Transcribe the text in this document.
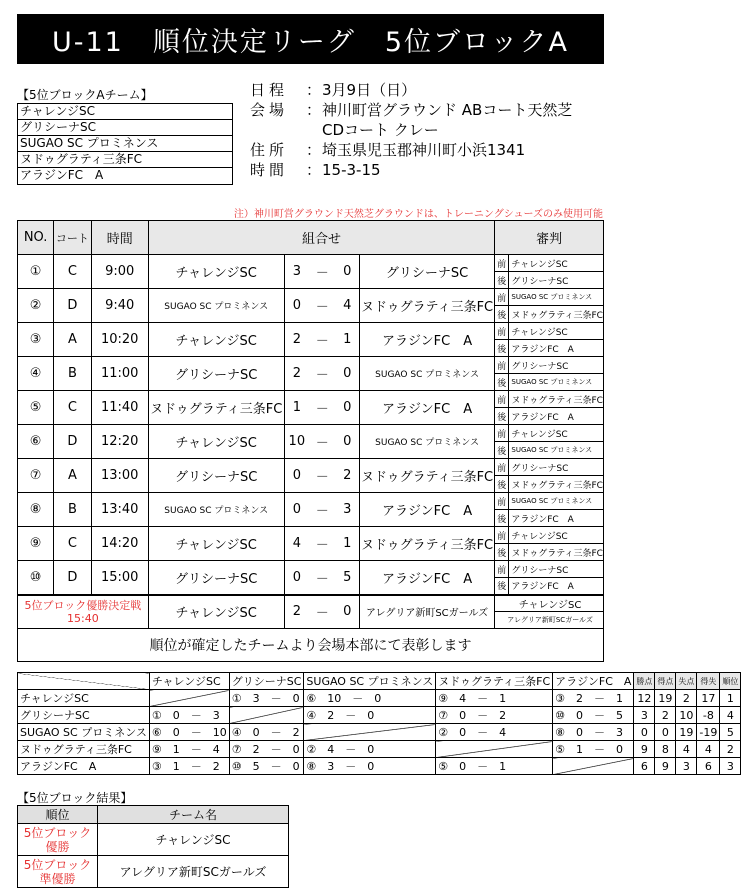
U-11　順位決定リーグ　5位ブロックA
【5位ブロックAチーム】
チャレンジSC
グリシーナSC
SUGAO SC プロミネンス
ヌドゥグラティ三条FC
アラジンFC　A
日程	： 3月9日（日）
会場	： 神川町営グラウンド ABコート天然芝
CDコート クレー
住所	： 埼玉県児玉郡神川町小浜1341
時間	： 15-3-15
注）神川町営グラウンド天然芝グラウンドは、トレーニングシューズのみ使用可能
NO.	コート	時間	組合せ					審判	
①	C	9:00	チャレンジSC	3	－	0	グリシーナSC	前	チャレンジSC
								後	グリシーナSC
②	D	9:40	SUGAO SC プロミネンス	0	－	4	ヌドゥグラティ三条FC	前	SUGAO SC プロミネンス
								後	ヌドゥグラティ三条FC
③	A	10:20	チャレンジSC	2	－	1	アラジンFC　A	前	チャレンジSC
								後	アラジンFC　A
④	B	11:00	グリシーナSC	2	－	0	SUGAO SC プロミネンス	前	グリシーナSC
								後	SUGAO SC プロミネンス
⑤	C	11:40	ヌドゥグラティ三条FC	1	－	0	アラジンFC　A	前	ヌドゥグラティ三条FC
								後	アラジンFC　A
⑥	D	12:20	チャレンジSC	10	－	0	SUGAO SC プロミネンス	前	チャレンジSC
								後	SUGAO SC プロミネンス
⑦	A	13:00	グリシーナSC	0	－	2	ヌドゥグラティ三条FC	前	グリシーナSC
								後	ヌドゥグラティ三条FC
⑧	B	13:40	SUGAO SC プロミネンス	0	－	3	アラジンFC　A	前	SUGAO SC プロミネンス
								後	アラジンFC　A
⑨	C	14:20	チャレンジSC	4	－	1	ヌドゥグラティ三条FC	前	チャレンジSC
								後	ヌドゥグラティ三条FC
⑩	D	15:00	グリシーナSC	0	－	5	アラジンFC　A	前	グリシーナSC
								後	アラジンFC　A

5位ブロック優勝決定戦
15:40			チャレンジSC	2	－	0	アレグリア新町SCガールズ	チャレンジSC	
								アレグリア新町SCガールズ	
順位が確定したチームより会場本部にて表彰します									
	チャレンジSC	グリシーナSC	SUGAO SC プロミネンス	ヌドゥグラティ三条FC	アラジンFC　A	勝点	得点	失点	得失	順位
チャレンジSC		①　3　－　0	⑥　10　－　0	⑨　4　－　1	③　2　－　1	12	19	2	17	1
グリシーナSC	①　0　－　3		④　2　－　0	⑦　0　－　2	⑩　0　－　5	3	2	10	-8	4
SUGAO SC プロミネンス	⑥　0　－　10	④　0　－　2		②　0　－　4	⑧　0　－　3	0	0	19	-19	5
ヌドゥグラティ三条FC	⑨　1　－　4	⑦　2　－　0	②　4　－　0		⑤　1　－　0	9	8	4	4	2
アラジンFC　A	③　1　－　2	⑩　5　－　0	⑧　3　－　0	⑤　0　－　1		6	9	3	6	3
【5位ブロック結果】
順位	チーム名

5位ブロック
優勝	チャレンジSC

5位ブロック
準優勝	アレグリア新町SCガールズ
